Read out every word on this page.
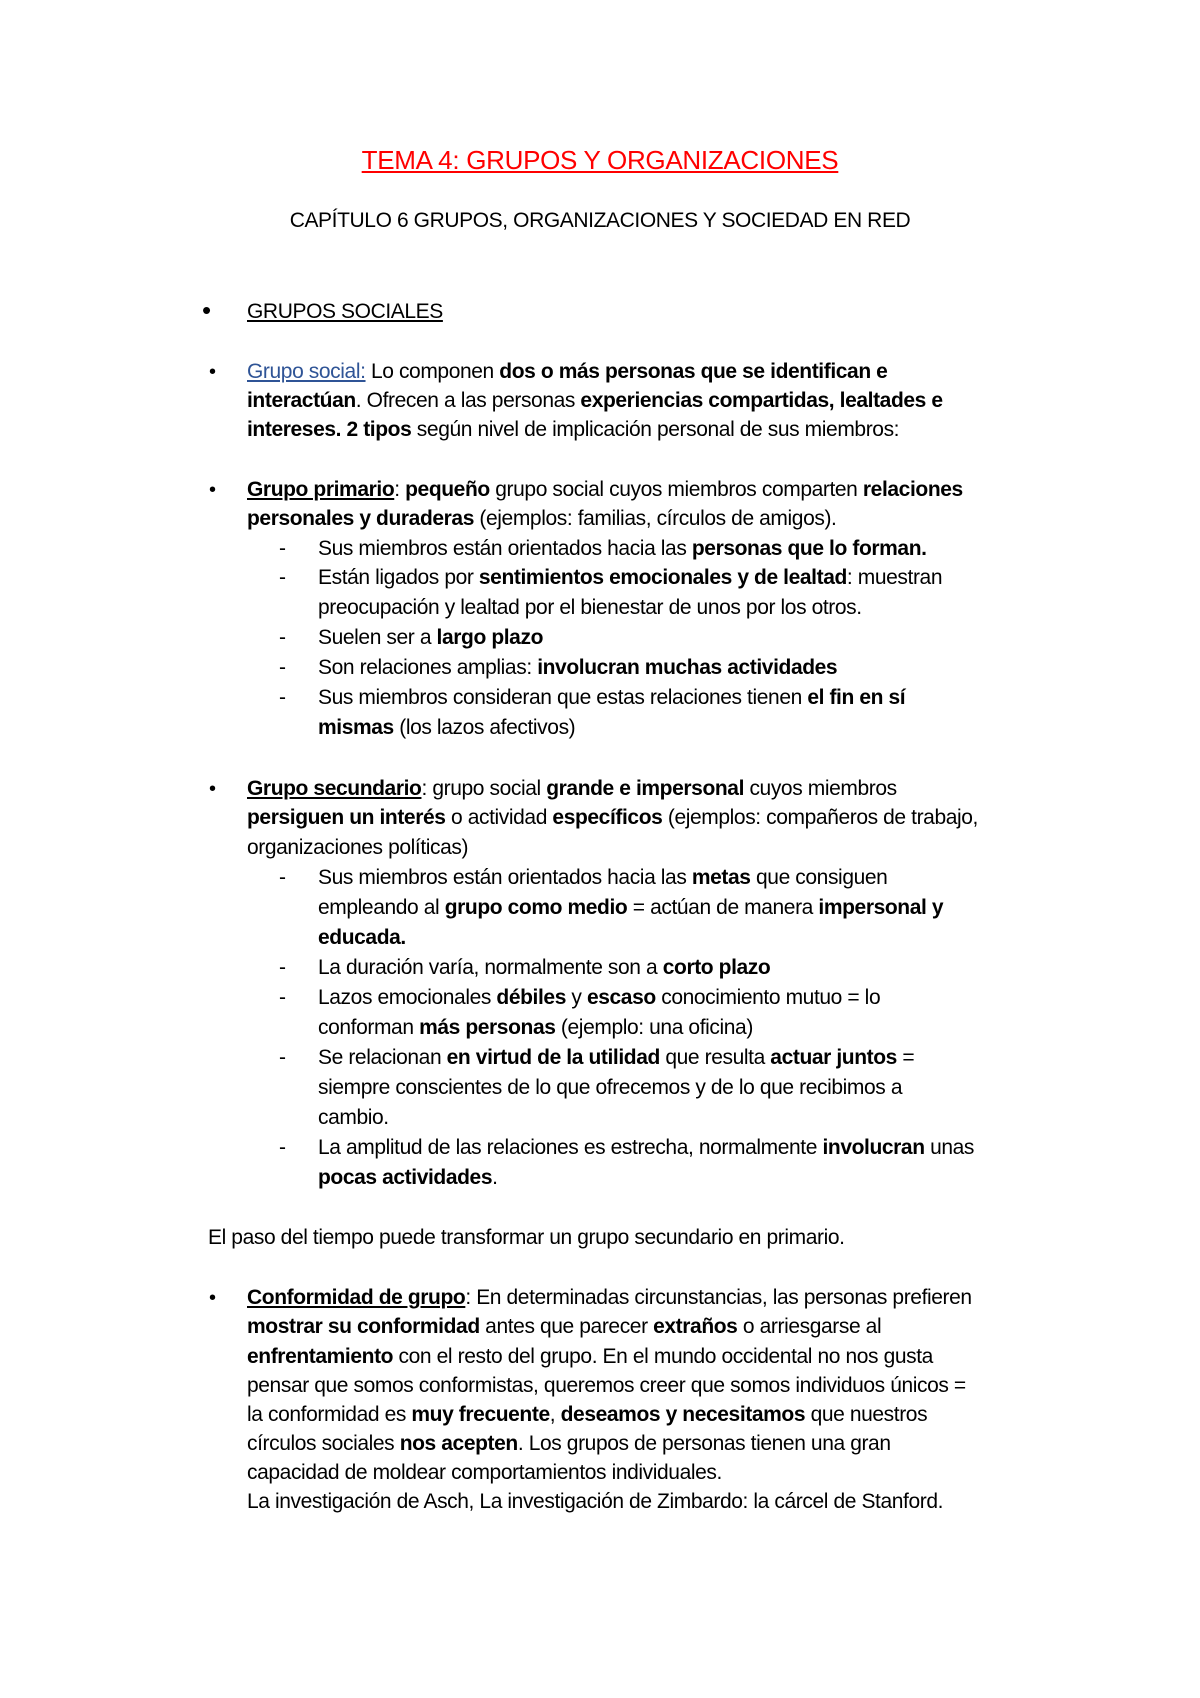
TEMA 4: GRUPOS Y ORGANIZACIONES
CAPÍTULO 6 GRUPOS, ORGANIZACIONES Y SOCIEDAD EN RED
• GRUPOS SOCIALES
• Grupo social: Lo componen dos o más personas que se identifican e
interactúan. Ofrecen a las personas experiencias compartidas, lealtades e
intereses. 2 tipos según nivel de implicación personal de sus miembros:
• Grupo primario: pequeño grupo social cuyos miembros comparten relaciones
personales y duraderas (ejemplos: familias, círculos de amigos).
- Sus miembros están orientados hacia las personas que lo forman.
- Están ligados por sentimientos emocionales y de lealtad: muestran
preocupación y lealtad por el bienestar de unos por los otros.
- Suelen ser a largo plazo
- Son relaciones amplias: involucran muchas actividades
- Sus miembros consideran que estas relaciones tienen el fin en sí
mismas (los lazos afectivos)
• Grupo secundario: grupo social grande e impersonal cuyos miembros
persiguen un interés o actividad específicos (ejemplos: compañeros de trabajo,
organizaciones políticas)
- Sus miembros están orientados hacia las metas que consiguen
empleando al grupo como medio = actúan de manera impersonal y
educada.
- La duración varía, normalmente son a corto plazo
- Lazos emocionales débiles y escaso conocimiento mutuo = lo
conforman más personas (ejemplo: una oficina)
- Se relacionan en virtud de la utilidad que resulta actuar juntos =
siempre conscientes de lo que ofrecemos y de lo que recibimos a
cambio.
- La amplitud de las relaciones es estrecha, normalmente involucran unas
pocas actividades.
El paso del tiempo puede transformar un grupo secundario en primario.
• Conformidad de grupo: En determinadas circunstancias, las personas prefieren
mostrar su conformidad antes que parecer extraños o arriesgarse al
enfrentamiento con el resto del grupo. En el mundo occidental no nos gusta
pensar que somos conformistas, queremos creer que somos individuos únicos =
la conformidad es muy frecuente, deseamos y necesitamos que nuestros
círculos sociales nos acepten. Los grupos de personas tienen una gran
capacidad de moldear comportamientos individuales.
La investigación de Asch, La investigación de Zimbardo: la cárcel de Stanford.
